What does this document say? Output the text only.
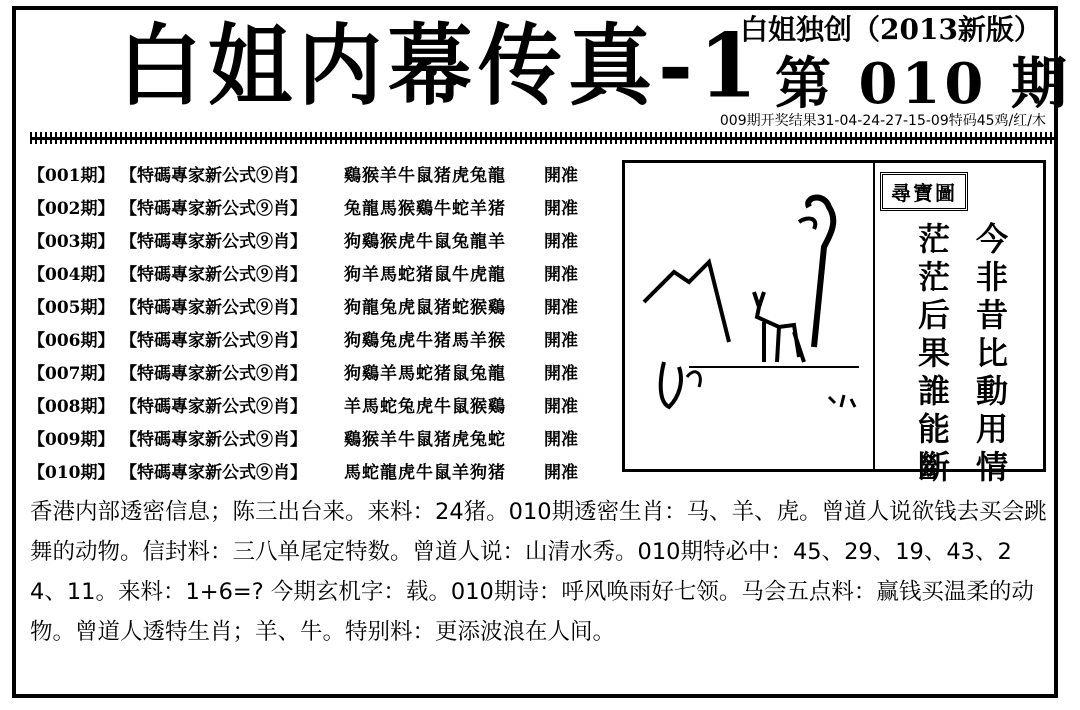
白姐内幕传真-1
白姐独创（2013新版）
第 010 期
009期开奖结果31-04-24-27-15-09特码45鸡/红/木
【001期】 【特碼專家新公式⑨肖】 鷄猴羊牛鼠猪虎兔龍 開准
【002期】 【特碼專家新公式⑨肖】 兔龍馬猴鷄牛蛇羊猪 開准
【003期】 【特碼專家新公式⑨肖】 狗鷄猴虎牛鼠兔龍羊 開准
【004期】 【特碼專家新公式⑨肖】 狗羊馬蛇猪鼠牛虎龍 開准
【005期】 【特碼專家新公式⑨肖】 狗龍兔虎鼠猪蛇猴鷄 開准
【006期】 【特碼專家新公式⑨肖】 狗鷄兔虎牛猪馬羊猴 開准
【007期】 【特碼專家新公式⑨肖】 狗鷄羊馬蛇猪鼠兔龍 開准
【008期】 【特碼專家新公式⑨肖】 羊馬蛇兔虎牛鼠猴鷄 開准
【009期】 【特碼專家新公式⑨肖】 鷄猴羊牛鼠猪虎兔蛇 開准
【010期】 【特碼專家新公式⑨肖】 馬蛇龍虎牛鼠羊狗猪 開准
尋寶圖
今非昔比動用情
茫茫后果誰能斷
香港内部透密信息；陈三出台来。来料：24猪。010期透密生肖：马、羊、虎。曾道人说欲钱去买会跳舞的动物。信封料：三八单尾定特数。曾道人说：山清水秀。010期特必中：45、29、19、43、24、11。来料：1+6=? 今期玄机字：载。010期诗：呼风唤雨好七领。马会五点料：赢钱买温柔的动物。曾道人透特生肖；羊、牛。特别料：更添波浪在人间。
